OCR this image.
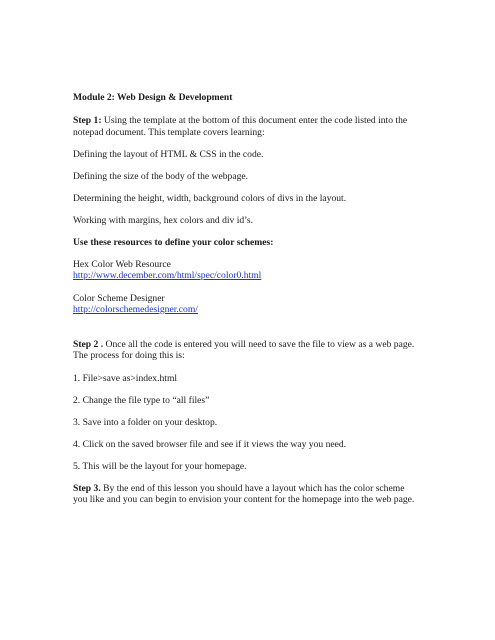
Module 2: Web Design & Development
Step 1: Using the template at the bottom of this document enter the code listed into the
notepad document. This template covers learning:
Defining the layout of HTML & CSS in the code.
Defining the size of the body of the webpage.
Determining the height, width, background colors of divs in the layout.
Working with margins, hex colors and div id’s.
Use these resources to define your color schemes:
Hex Color Web Resource
http://www.december.com/html/spec/color0.html
Color Scheme Designer
http://colorschemedesigner.com/
Step 2 . Once all the code is entered you will need to save the file to view as a web page.
The process for doing this is:
1. File>save as>index.html
2. Change the file type to “all files”
3. Save into a folder on your desktop.
4. Click on the saved browser file and see if it views the way you need.
5. This will be the layout for your homepage.
Step 3. By the end of this lesson you should have a layout which has the color scheme
you like and you can begin to envision your content for the homepage into the web page.
